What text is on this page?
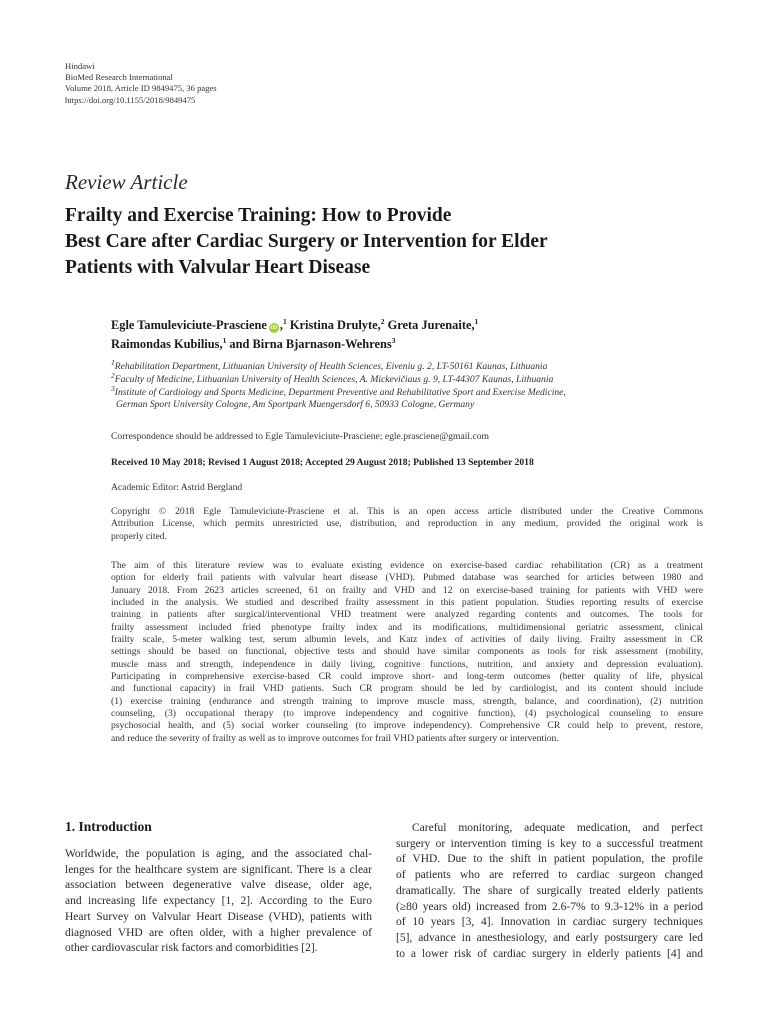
Hindawi
BioMed Research International
Volume 2018, Article ID 9849475, 36 pages
https://doi.org/10.1155/2018/9849475
Review Article
Frailty and Exercise Training: How to Provide
Best Care after Cardiac Surgery or Intervention for Elder
Patients with Valvular Heart Disease
Egle Tamuleviciute-Prasciene iD ,$^1$ Kristina Drulyte,$^2$ Greta Jurenaite,$^1$
Raimondas Kubilius,$^1$ and Birna Bjarnason-Wehrens$^3$
$^1$Rehabilitation Department, Lithuanian University of Health Sciences, Eiveniu g. 2, LT-50161 Kaunas, Lithuania
$^2$Faculty of Medicine, Lithuanian University of Health Sciences, A. Mickevičiaus g. 9, LT-44307 Kaunas, Lithuania
$^3$Institute of Cardiology and Sports Medicine, Department Preventive and Rehabilitative Sport and Exercise Medicine,
German Sport University Cologne, Am Sportpark Muengersdorf 6, 50933 Cologne, Germany
Correspondence should be addressed to Egle Tamuleviciute-Prasciene; egle.prasciene@gmail.com
Received 10 May 2018; Revised 1 August 2018; Accepted 29 August 2018; Published 13 September 2018
Academic Editor: Astrid Bergland
Copyright © 2018 Egle Tamuleviciute-Prasciene et al. This is an open access article distributed under the Creative Commons
Attribution License, which permits unrestricted use, distribution, and reproduction in any medium, provided the original work is
properly cited.
The aim of this literature review was to evaluate existing evidence on exercise-based cardiac rehabilitation (CR) as a treatment
option for elderly frail patients with valvular heart disease (VHD). Pubmed database was searched for articles between 1980 and
January 2018. From 2623 articles screened, 61 on frailty and VHD and 12 on exercise-based training for patients with VHD were
included in the analysis. We studied and described frailty assessment in this patient population. Studies reporting results of exercise
training in patients after surgical/interventional VHD treatment were analyzed regarding contents and outcomes. The tools for
frailty assessment included fried phenotype frailty index and its modifications, multidimensional geriatric assessment, clinical
frailty scale, 5-meter walking test, serum albumin levels, and Katz index of activities of daily living. Frailty assessment in CR
settings should be based on functional, objective tests and should have similar components as tools for risk assessment (mobility,
muscle mass and strength, independence in daily living, cognitive functions, nutrition, and anxiety and depression evaluation).
Participating in comprehensive exercise-based CR could improve short- and long-term outcomes (better quality of life, physical
and functional capacity) in frail VHD patients. Such CR program should be led by cardiologist, and its content should include
(1) exercise training (endurance and strength training to improve muscle mass, strength, balance, and coordination), (2) nutrition
counseling, (3) occupational therapy (to improve independency and cognitive function), (4) psychological counseling to ensure
psychosocial health, and (5) social worker counseling (to improve independency). Comprehensive CR could help to prevent, restore,
and reduce the severity of frailty as well as to improve outcomes for frail VHD patients after surgery or intervention.
1. Introduction
Worldwide, the population is aging, and the associated chal-
lenges for the healthcare system are significant. There is a clear
association between degenerative valve disease, older age,
and increasing life expectancy [1, 2]. According to the Euro
Heart Survey on Valvular Heart Disease (VHD), patients with
diagnosed VHD are often older, with a higher prevalence of
other cardiovascular risk factors and comorbidities [2].
Careful monitoring, adequate medication, and perfect
surgery or intervention timing is key to a successful treatment
of VHD. Due to the shift in patient population, the profile
of patients who are referred to cardiac surgeon changed
dramatically. The share of surgically treated elderly patients
(≥80 years old) increased from 2.6-7% to 9.3-12% in a period
of 10 years [3, 4]. Innovation in cardiac surgery techniques
[5], advance in anesthesiology, and early postsurgery care led
to a lower risk of cardiac surgery in elderly patients [4] and
